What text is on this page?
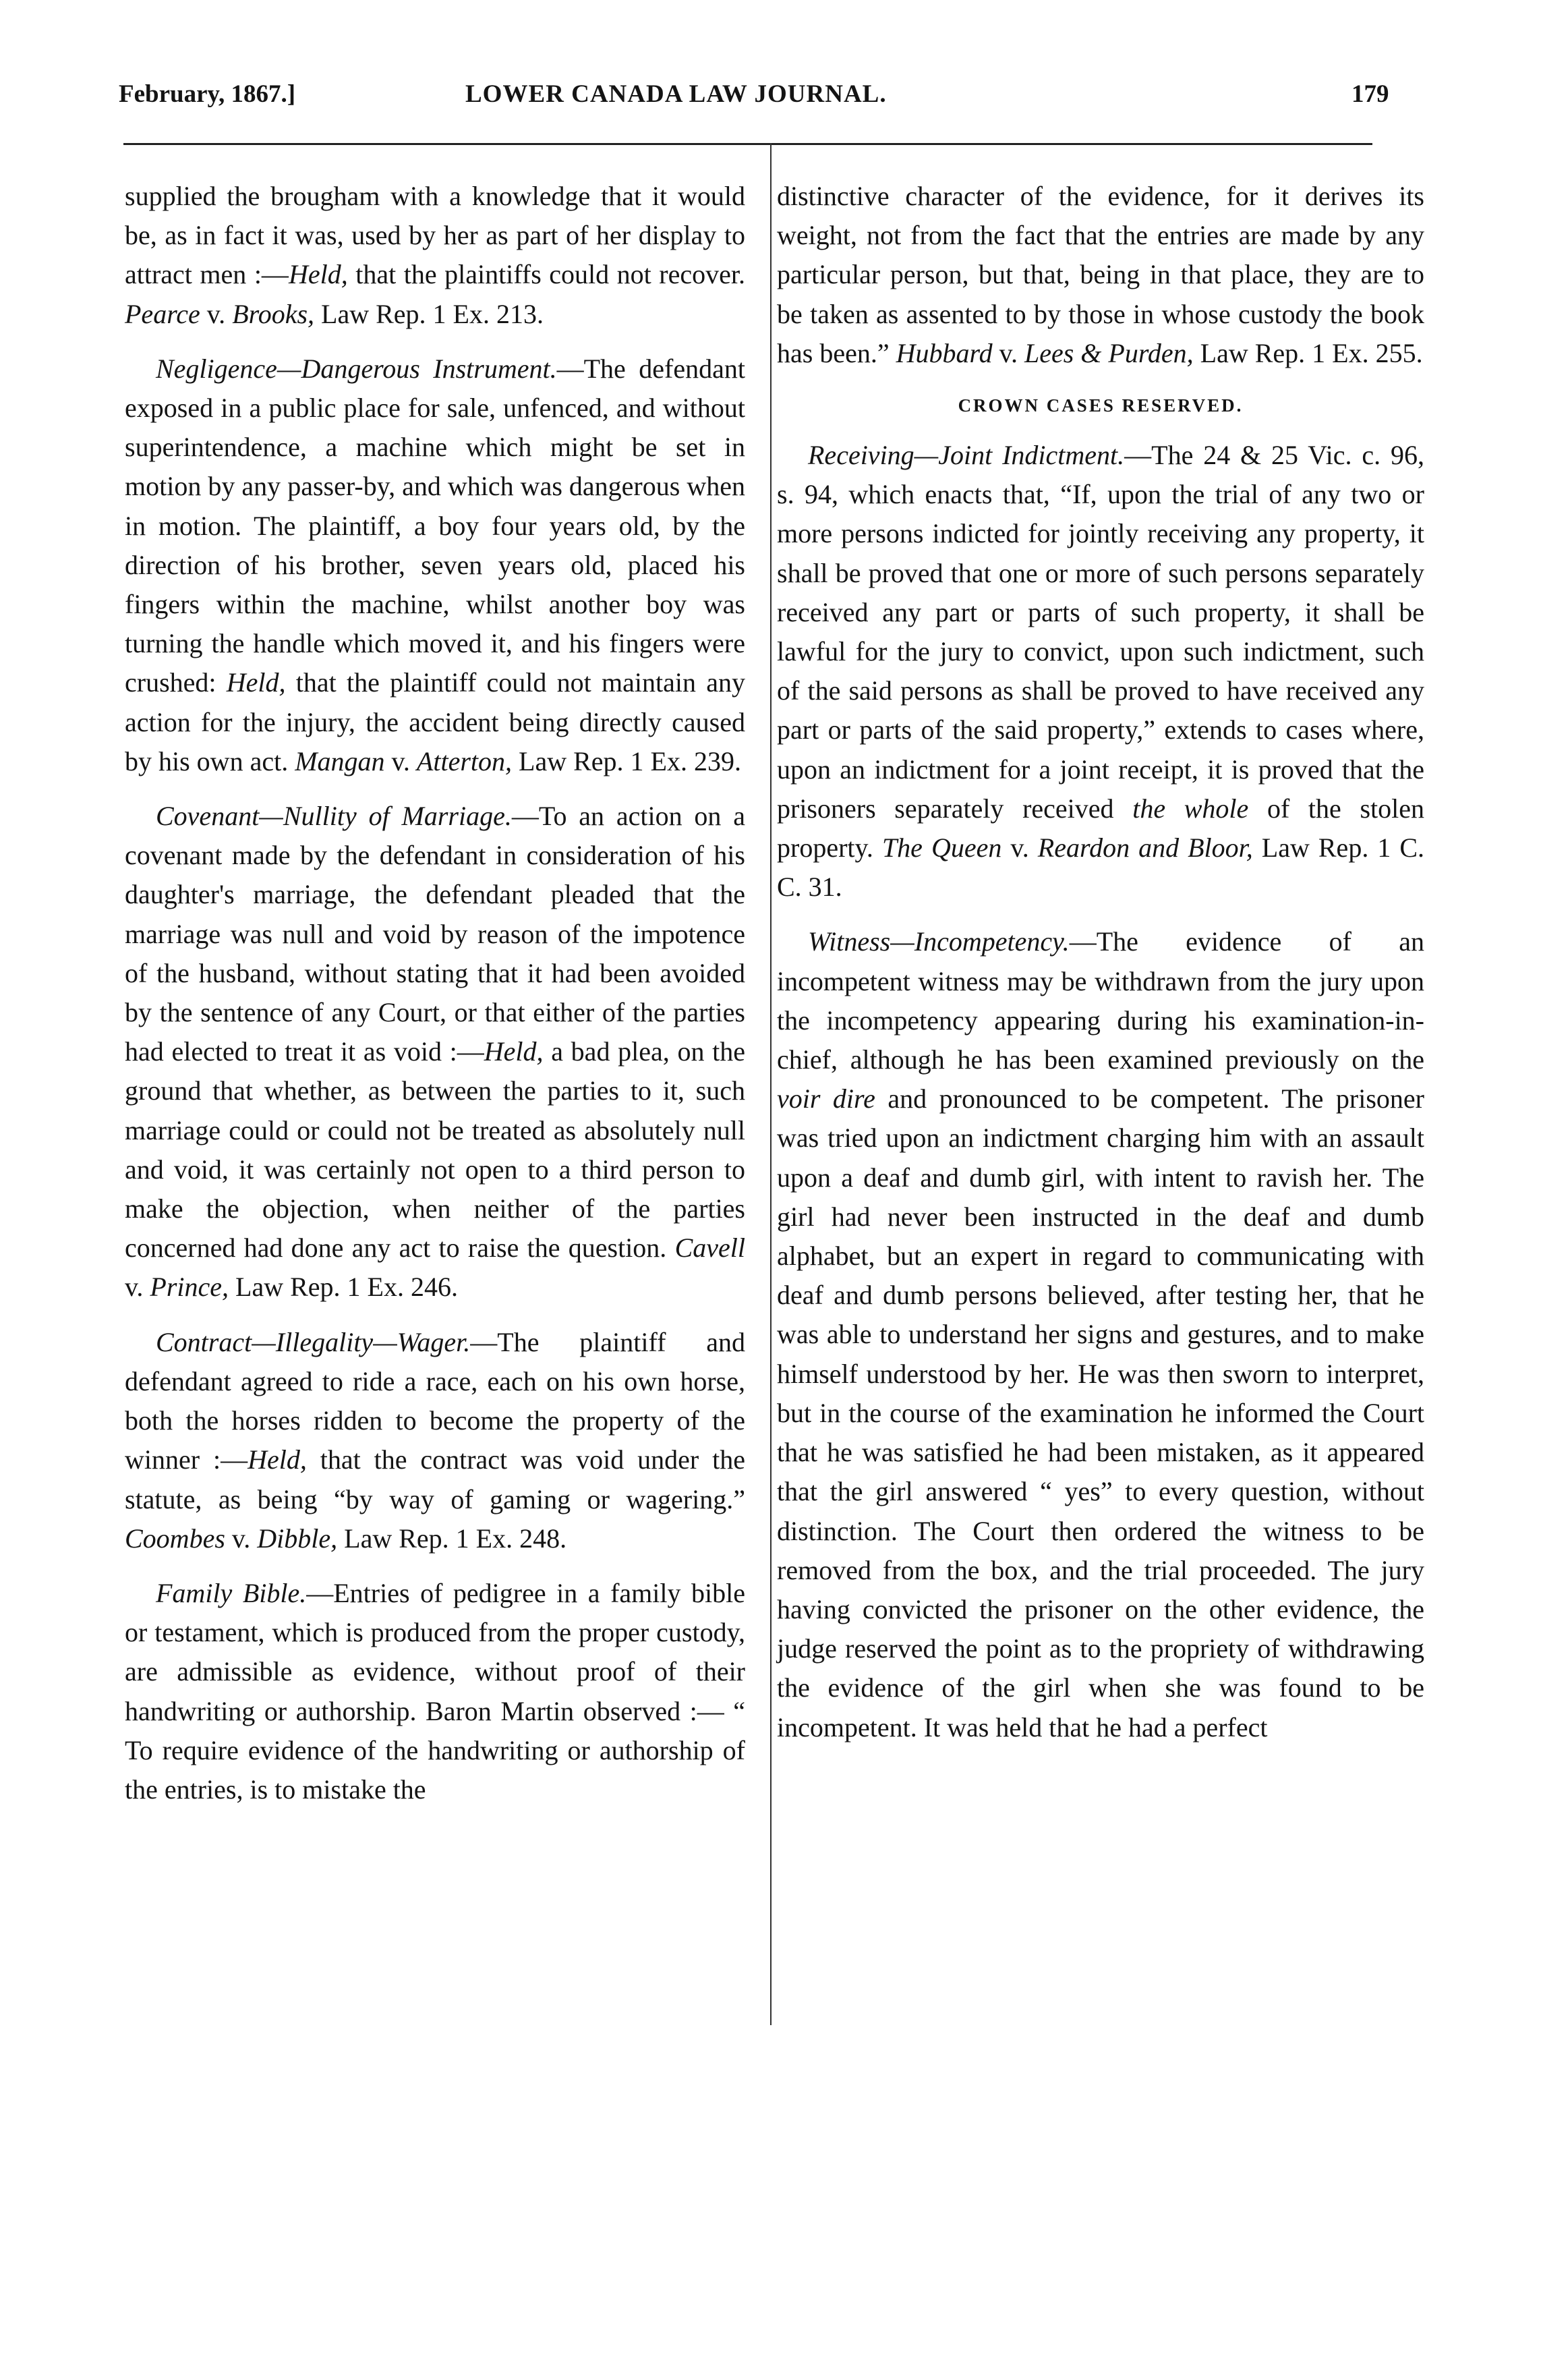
February, 1867.]	LOWER CANADA LAW JOURNAL.	179

supplied the brougham with a knowledge that it would be, as in fact it was, used by her as part of her display to attract men :—Held, that the plaintiffs could not recover. Pearce v. Brooks, Law Rep. 1 Ex. 213.

Negligence—Dangerous Instrument.—The defendant exposed in a public place for sale, unfenced, and without superintendence, a machine which might be set in motion by any passer-by, and which was dangerous when in motion. The plaintiff, a boy four years old, by the direction of his brother, seven years old, placed his fingers within the machine, whilst another boy was turning the handle which moved it, and his fingers were crushed: Held, that the plaintiff could not maintain any action for the injury, the accident being directly caused by his own act. Mangan v. Atterton, Law Rep. 1 Ex. 239.

Covenant—Nullity of Marriage.—To an action on a covenant made by the defendant in consideration of his daughter's marriage, the defendant pleaded that the marriage was null and void by reason of the impotence of the husband, without stating that it had been avoided by the sentence of any Court, or that either of the parties had elected to treat it as void :—Held, a bad plea, on the ground that whether, as between the parties to it, such marriage could or could not be treated as absolutely null and void, it was certainly not open to a third person to make the objection, when neither of the parties concerned had done any act to raise the question. Cavell v. Prince, Law Rep. 1 Ex. 246.

Contract—Illegality—Wager.—The plaintiff and defendant agreed to ride a race, each on his own horse, both the horses ridden to become the property of the winner :—Held, that the contract was void under the statute, as being “by way of gaming or wagering.” Coombes v. Dibble, Law Rep. 1 Ex. 248.

Family Bible.—Entries of pedigree in a family bible or testament, which is produced from the proper custody, are admissible as evidence, without proof of their handwriting or authorship. Baron Martin observed :— “ To require evidence of the handwriting or authorship of the entries, is to mistake the

distinctive character of the evidence, for it derives its weight, not from the fact that the entries are made by any particular person, but that, being in that place, they are to be taken as assented to by those in whose custody the book has been.” Hubbard v. Lees & Purden, Law Rep. 1 Ex. 255.

CROWN CASES RESERVED.

Receiving—Joint Indictment.—The 24 & 25 Vic. c. 96, s. 94, which enacts that, “If, upon the trial of any two or more persons indicted for jointly receiving any property, it shall be proved that one or more of such persons separately received any part or parts of such property, it shall be lawful for the jury to convict, upon such indictment, such of the said persons as shall be proved to have received any part or parts of the said property,” extends to cases where, upon an indictment for a joint receipt, it is proved that the prisoners separately received the whole of the stolen property. The Queen v. Reardon and Bloor, Law Rep. 1 C. C. 31.

Witness—Incompetency.—The evidence of an incompetent witness may be withdrawn from the jury upon the incompetency appearing during his examination-in-chief, although he has been examined previously on the voir dire and pronounced to be competent. The prisoner was tried upon an indictment charging him with an assault upon a deaf and dumb girl, with intent to ravish her. The girl had never been instructed in the deaf and dumb alphabet, but an expert in regard to communicating with deaf and dumb persons believed, after testing her, that he was able to understand her signs and gestures, and to make himself understood by her. He was then sworn to interpret, but in the course of the examination he informed the Court that he was satisfied he had been mistaken, as it appeared that the girl answered “ yes” to every question, without distinction. The Court then ordered the witness to be removed from the box, and the trial proceeded. The jury having convicted the prisoner on the other evidence, the judge reserved the point as to the propriety of withdrawing the evidence of the girl when she was found to be incompetent. It was held that he had a perfect
